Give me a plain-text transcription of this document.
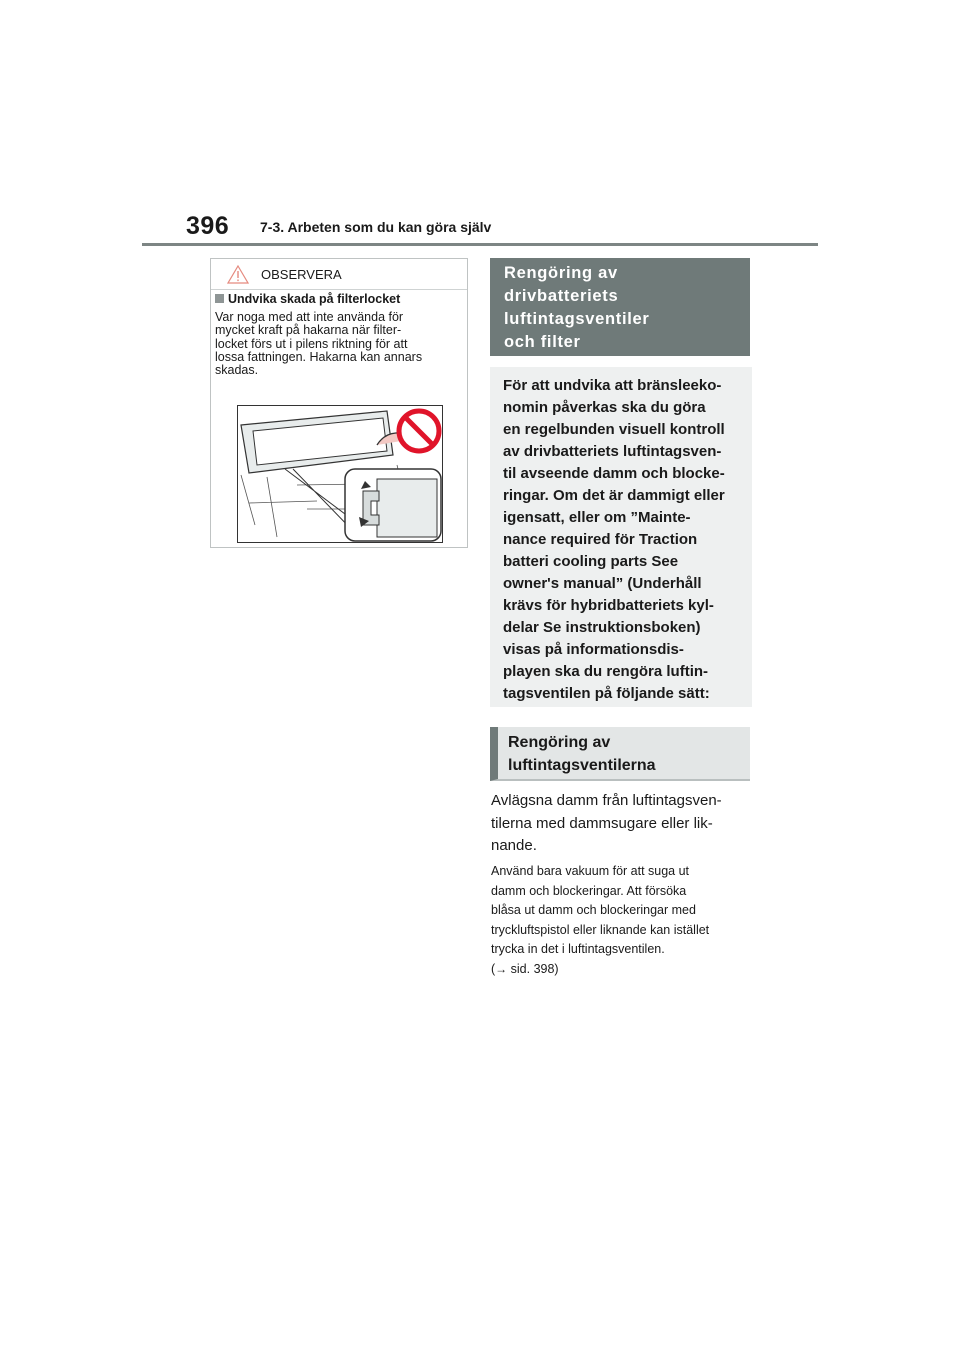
396 7-3. Arbeten som du kan göra själv
OBSERVERA
Undvika skada på filterlocket
Var noga med att inte använda för
mycket kraft på hakarna när filter-
locket förs ut i pilens riktning för att
lossa fattningen. Hakarna kan annars
skadas.
Rengöring av
drivbatteriets
luftintagsventiler
och filter
För att undvika att bränsleeko-
nomin påverkas ska du göra
en regelbunden visuell kontroll
av drivbatteriets luftintagsven-
til avseende damm och blocke-
ringar. Om det är dammigt eller
igensatt, eller om ”Mainte-
nance required för Traction
batteri cooling parts See
owner's manual” (Underhåll
krävs för hybridbatteriets kyl-
delar Se instruktionsboken)
visas på informationsdis-
playen ska du rengöra luftin-
tagsventilen på följande sätt:
Rengöring av
luftintagsventilerna
Avlägsna damm från luftintagsven-
tilerna med dammsugare eller lik-
nande.
Använd bara vakuum för att suga ut
damm och blockeringar. Att försöka
blåsa ut damm och blockeringar med
tryckluftspistol eller liknande kan istället
trycka in det i luftintagsventilen.
(→ sid. 398)
